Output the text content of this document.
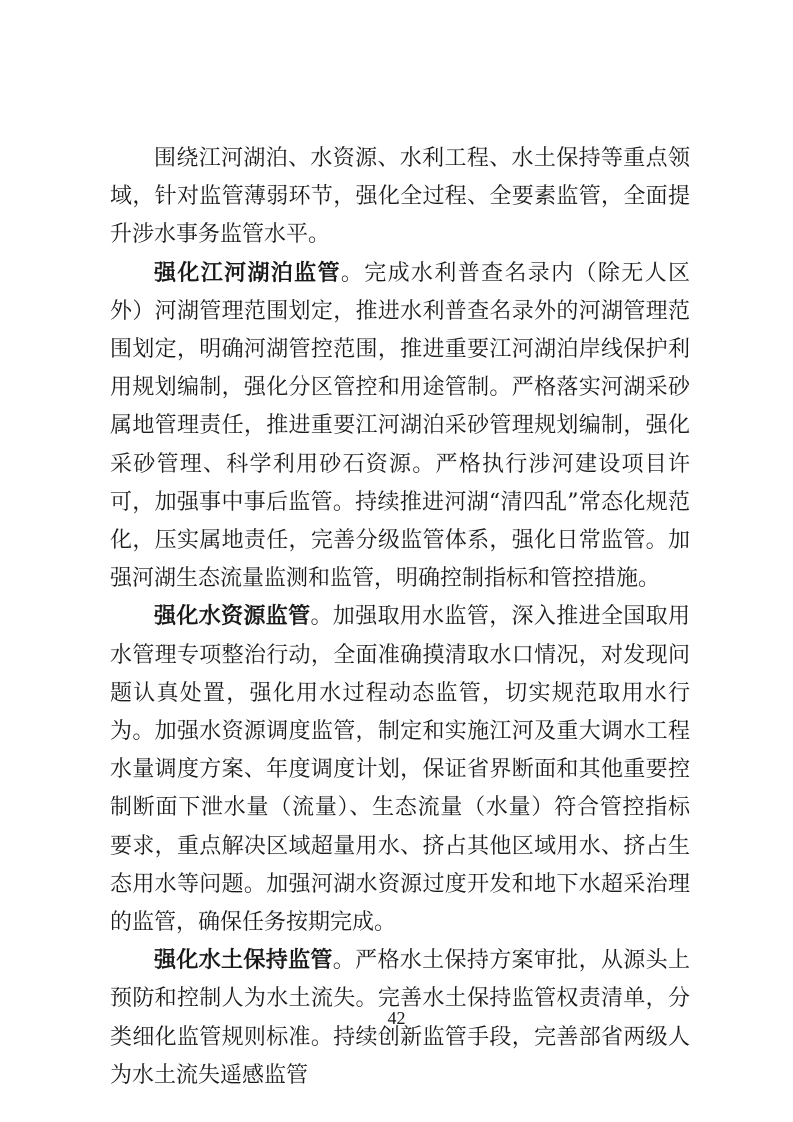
围绕江河湖泊、水资源、水利工程、水土保持等重点领域，针对监管薄弱环节，强化全过程、全要素监管，全面提升涉水事务监管水平。

强化江河湖泊监管。完成水利普查名录内（除无人区外）河湖管理范围划定，推进水利普查名录外的河湖管理范围划定，明确河湖管控范围，推进重要江河湖泊岸线保护利用规划编制，强化分区管控和用途管制。严格落实河湖采砂属地管理责任，推进重要江河湖泊采砂管理规划编制，强化采砂管理、科学利用砂石资源。严格执行涉河建设项目许可，加强事中事后监管。持续推进河湖“清四乱”常态化规范化，压实属地责任，完善分级监管体系，强化日常监管。加强河湖生态流量监测和监管，明确控制指标和管控措施。

强化水资源监管。加强取用水监管，深入推进全国取用水管理专项整治行动，全面准确摸清取水口情况，对发现问题认真处置，强化用水过程动态监管，切实规范取用水行为。加强水资源调度监管，制定和实施江河及重大调水工程水量调度方案、年度调度计划，保证省界断面和其他重要控制断面下泄水量（流量）、生态流量（水量）符合管控指标要求，重点解决区域超量用水、挤占其他区域用水、挤占生态用水等问题。加强河湖水资源过度开发和地下水超采治理的监管，确保任务按期完成。

强化水土保持监管。严格水土保持方案审批，从源头上预防和控制人为水土流失。完善水土保持监管权责清单，分类细化监管规则标准。持续创新监管手段，完善部省两级人为水土流失遥感监管

42
